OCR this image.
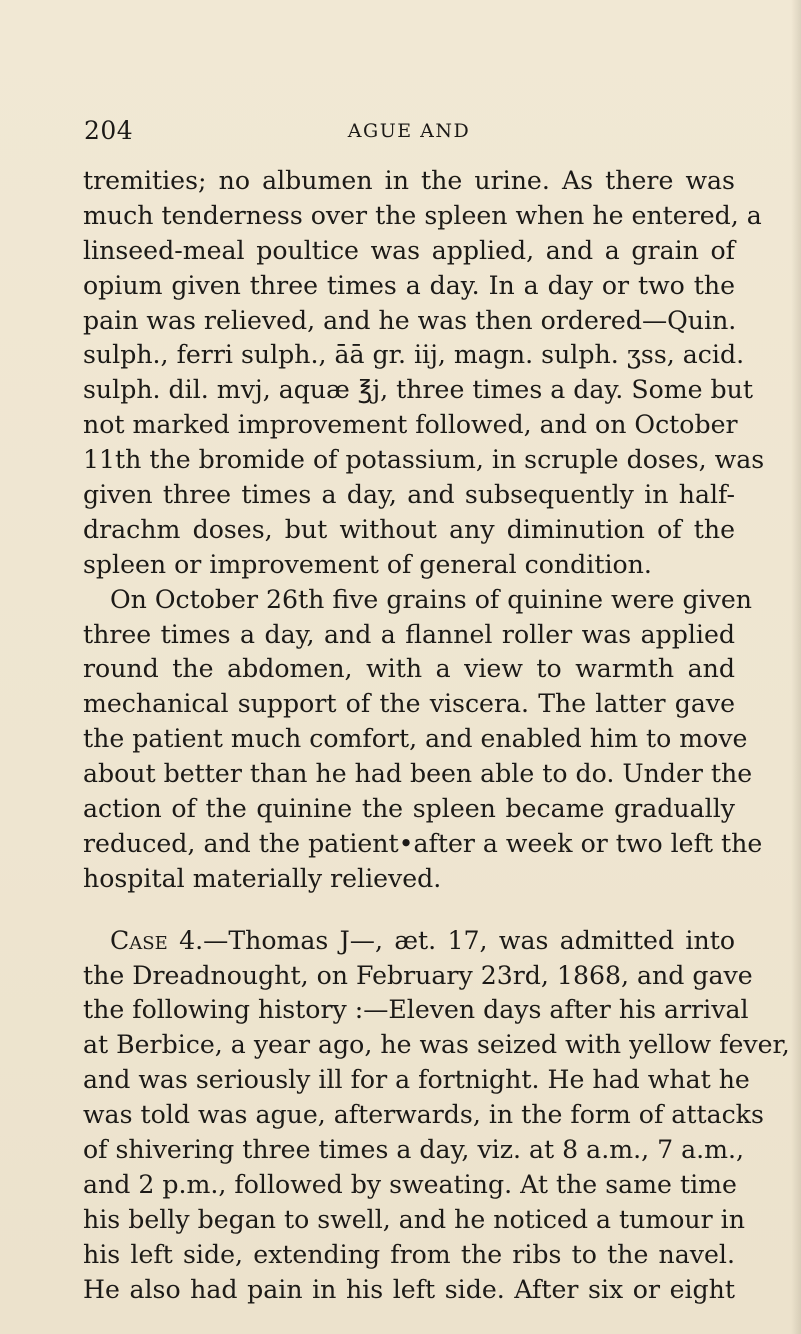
204	AGUE AND
tremities; no albumen in the urine. As there was
much tenderness over the spleen when he entered, a
linseed-meal poultice was applied, and a grain of
opium given three times a day. In a day or two the
pain was relieved, and he was then ordered—Quin.
sulph., ferri sulph., āā gr. iij, magn. sulph. ʒss, acid.
sulph. dil. mvj, aquæ ℥j, three times a day. Some but
not marked improvement followed, and on October
11th the bromide of potassium, in scruple doses, was
given three times a day, and subsequently in half-
drachm doses, but without any diminution of the
spleen or improvement of general condition.
On October 26th five grains of quinine were given
three times a day, and a flannel roller was applied
round the abdomen, with a view to warmth and
mechanical support of the viscera. The latter gave
the patient much comfort, and enabled him to move
about better than he had been able to do. Under the
action of the quinine the spleen became gradually
reduced, and the patient•after a week or two left the
hospital materially relieved.
Case 4.—Thomas J—, æt. 17, was admitted into
the Dreadnought, on February 23rd, 1868, and gave
the following history :—Eleven days after his arrival
at Berbice, a year ago, he was seized with yellow fever,
and was seriously ill for a fortnight. He had what he
was told was ague, afterwards, in the form of attacks
of shivering three times a day, viz. at 8 a.m., 7 a.m.,
and 2 p.m., followed by sweating. At the same time
his belly began to swell, and he noticed a tumour in
his left side, extending from the ribs to the navel.
He also had pain in his left side. After six or eight
